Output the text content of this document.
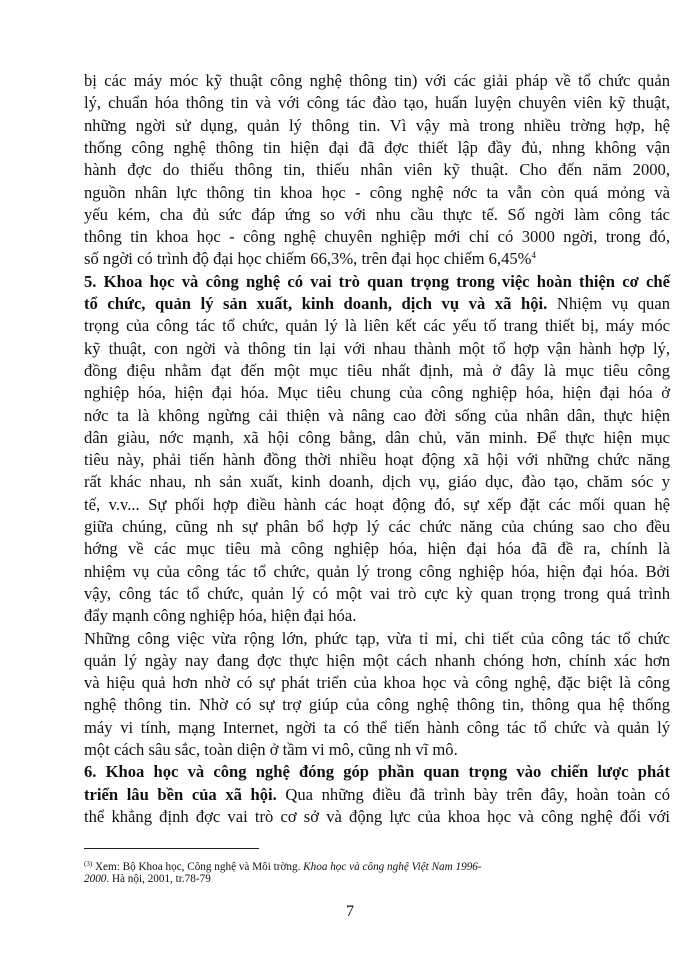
bị các máy móc kỹ thuật công nghệ thông tin) với các giải pháp về tổ chức quản
lý, chuẩn hóa thông tin và với công tác đào tạo, huấn luyện chuyên viên kỹ thuật,
những ngời sử dụng, quản lý thông tin. Vì vậy mà trong nhiều trờng hợp, hệ
thống công nghệ thông tin hiện đại đã đợc thiết lập đầy đủ, nhng không vận
hành đợc do thiếu thông tin, thiếu nhân viên kỹ thuật. Cho đến năm 2000,
nguồn nhân lực thông tin khoa học - công nghệ nớc ta vẫn còn quá mỏng và
yếu kém, cha đủ sức đáp ứng so với nhu cầu thực tế. Số ngời làm công tác
thông tin khoa học - công nghệ chuyên nghiệp mới chỉ có 3000 ngời, trong đó,
số ngời có trình độ đại học chiếm 66,3%, trên đại học chiếm 6,45%$^4$
5. Khoa học và công nghệ có vai trò quan trọng trong việc hoàn thiện cơ chế
tổ chức, quản lý sản xuất, kinh doanh, dịch vụ và xã hội. Nhiệm vụ quan
trọng của công tác tổ chức, quản lý là liên kết các yếu tố trang thiết bị, máy móc
kỹ thuật, con ngời và thông tin lại với nhau thành một tổ hợp vận hành hợp lý,
đồng điệu nhằm đạt đến một mục tiêu nhất định, mà ở đây là mục tiêu công
nghiệp hóa, hiện đại hóa. Mục tiêu chung của công nghiệp hóa, hiện đại hóa ở
nớc ta là không ngừng cải thiện và nâng cao đời sống của nhân dân, thực hiện
dân giàu, nớc mạnh, xã hội công bằng, dân chủ, văn minh. Để thực hiện mục
tiêu này, phải tiến hành đồng thời nhiều hoạt động xã hội với những chức năng
rất khác nhau, nh sản xuất, kinh doanh, dịch vụ, giáo dục, đào tạo, chăm sóc y
tế, v.v... Sự phối hợp điều hành các hoạt động đó, sự xếp đặt các mối quan hệ
giữa chúng, cũng nh sự phân bổ hợp lý các chức năng của chúng sao cho đều
hớng về các mục tiêu mà công nghiệp hóa, hiện đại hóa đã đề ra, chính là
nhiệm vụ của công tác tổ chức, quản lý trong công nghiệp hóa, hiện đại hóa. Bởi
vậy, công tác tổ chức, quản lý có một vai trò cực kỳ quan trọng trong quá trình
đẩy mạnh công nghiệp hóa, hiện đại hóa.
Những công việc vừa rộng lớn, phức tạp, vừa tỉ mỉ, chi tiết của công tác tổ chức
quản lý ngày nay đang đợc thực hiện một cách nhanh chóng hơn, chính xác hơn
và hiệu quả hơn nhờ có sự phát triển của khoa học và công nghệ, đặc biệt là công
nghệ thông tin. Nhờ có sự trợ giúp của công nghệ thông tin, thông qua hệ thống
máy vi tính, mạng Internet, ngời ta có thể tiến hành công tác tổ chức và quản lý
một cách sâu sắc, toàn diện ở tầm vi mô, cũng nh vĩ mô.
6. Khoa học và công nghệ đóng góp phần quan trọng vào chiến lược phát
triển lâu bền của xã hội. Qua những điều đã trình bày trên đây, hoàn toàn có
thể khẳng định đợc vai trò cơ sở và động lực của khoa học và công nghệ đối với
$^{(3)}$ Xem: Bộ Khoa học, Công nghệ và Môi trờng. Khoa học và công nghệ Việt Nam 1996-
2000. Hà nội, 2001, tr.78-79
7
